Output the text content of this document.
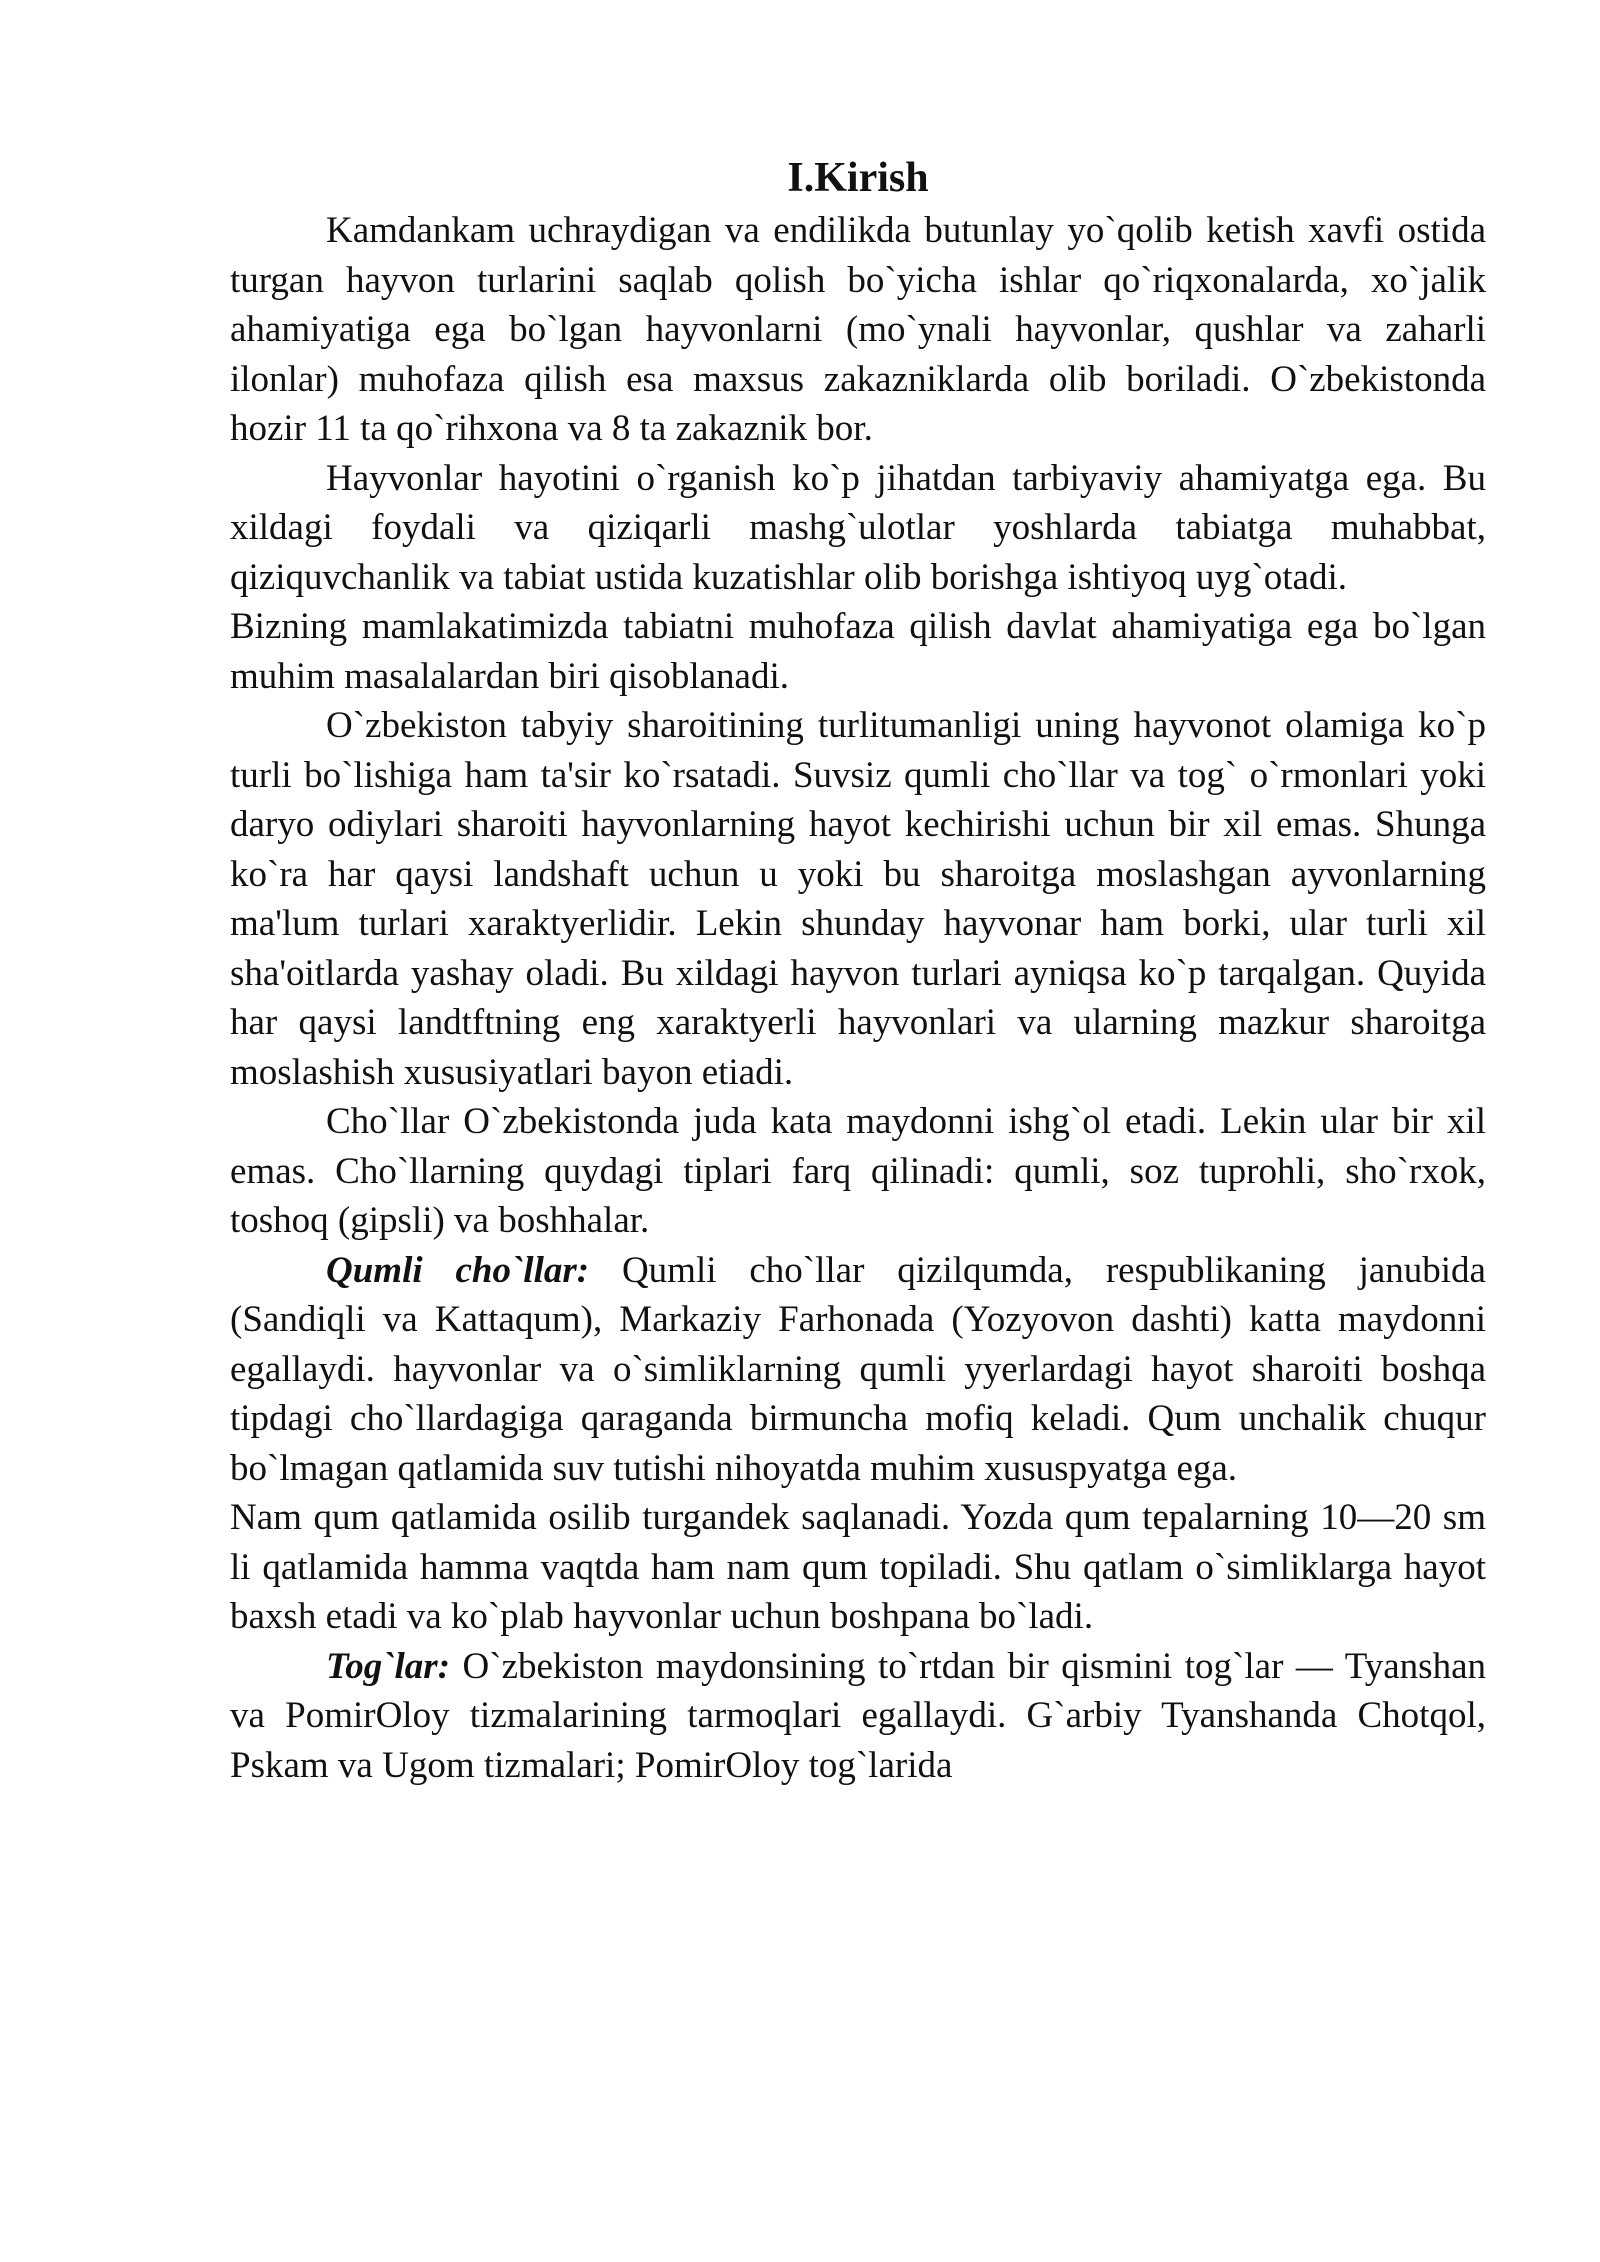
I.Kirish

Kamdankam uchraydigan va endilikda butunlay yo`qolib ketish xavfi ostida turgan hayvon turlarini saqlab qolish bo`yicha ishlar qo`riqxonalarda, xo`jalik ahamiyatiga ega bo`lgan hayvonlarni (mo`ynali hayvonlar, qushlar va zaharli ilonlar) muhofaza qilish esa maxsus zakazniklarda olib boriladi. O`zbekistonda hozir 11 ta qo`rihxona va 8 ta zakaznik bor.

Hayvonlar hayotini o`rganish ko`p jihatdan tarbiyaviy ahamiyatga ega. Bu xildagi foydali va qiziqarli mashg`ulotlar yoshlarda tabiatga muhabbat, qiziquvchanlik va tabiat ustida kuzatishlar olib borishga ishtiyoq uyg`otadi.

Bizning mamlakatimizda tabiatni muhofaza qilish davlat ahamiyatiga ega bo`lgan muhim masalalardan biri qisoblanadi.

O`zbekiston tabyiy sharoitining turlitumanligi uning hayvonot olamiga ko`p turli bo`lishiga ham ta'sir ko`rsatadi. Suvsiz qumli cho`llar va tog` o`rmonlari yoki daryo odiylari sharoiti hayvonlarning hayot kechirishi uchun bir xil emas. Shunga ko`ra har qaysi landshaft uchun u yoki bu sharoitga moslashgan ayvonlarning ma'lum turlari xaraktyerlidir. Lekin shunday hayvonar ham borki, ular turli xil sha'oitlarda yashay oladi. Bu xildagi hayvon turlari ayniqsa ko`p tarqalgan. Quyida har qaysi landtftning eng xaraktyerli hayvonlari va ularning mazkur sharoitga moslashish xususiyatlari bayon etiadi.

Cho`llar O`zbekistonda juda kata maydonni ishg`ol etadi. Lekin ular bir xil emas. Cho`llarning quydagi tiplari farq qilinadi: qumli, soz tuprohli, sho`rxok, toshoq (gipsli) va boshhalar.

Qumli cho`llar: Qumli cho`llar qizilqumda, respublikaning janubida (Sandiqli va Kattaqum), Markaziy Farhonada (Yozyovon dashti) katta maydonni egallaydi. hayvonlar va o`simliklarning qumli yyerlardagi hayot sharoiti boshqa tipdagi cho`llardagiga qaraganda birmuncha mofiq keladi. Qum unchalik chuqur bo`lmagan qatlamida suv tutishi nihoyatda muhim xususpyatga ega.

Nam qum qatlamida osilib turgandek saqlanadi. Yozda qum tepalarning 10—20 sm li qatlamida hamma vaqtda ham nam qum topiladi. Shu qatlam o`simliklarga hayot baxsh etadi va ko`plab hayvonlar uchun boshpana bo`ladi.

Tog`lar: O`zbekiston maydonsining to`rtdan bir qismini tog`lar — Tyanshan va PomirOloy tizmalarining tarmoqlari egallaydi. G`arbiy Tyanshanda Chotqol, Pskam va Ugom tizmalari; PomirOloy tog`larida
